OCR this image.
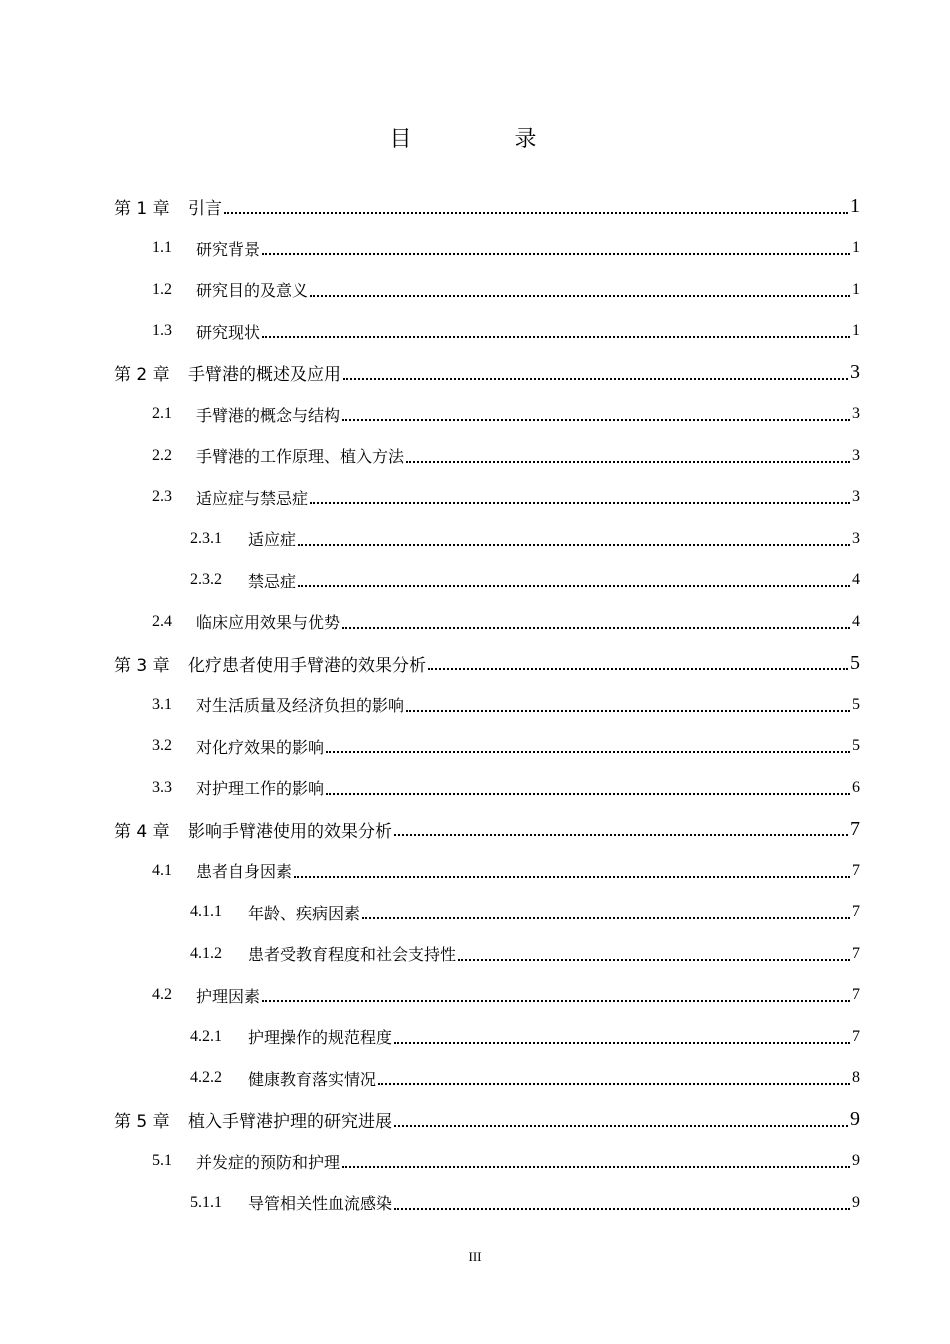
目 录
第 1 章	引言	1
1.1	研究背景	1
1.2	研究目的及意义	1
1.3	研究现状	1
第 2 章	手臂港的概述及应用	3
2.1	手臂港的概念与结构	3
2.2	手臂港的工作原理、植入方法	3
2.3	适应症与禁忌症	3
2.3.1	适应症	3
2.3.2	禁忌症	4
2.4	临床应用效果与优势	4
第 3 章	化疗患者使用手臂港的效果分析	5
3.1	对生活质量及经济负担的影响	5
3.2	对化疗效果的影响	5
3.3	对护理工作的影响	6
第 4 章	影响手臂港使用的效果分析	7
4.1	患者自身因素	7
4.1.1	年龄、疾病因素	7
4.1.2	患者受教育程度和社会支持性	7
4.2	护理因素	7
4.2.1	护理操作的规范程度	7
4.2.2	健康教育落实情况	8
第 5 章	植入手臂港护理的研究进展	9
5.1	并发症的预防和护理	9
5.1.1	导管相关性血流感染	9
III
